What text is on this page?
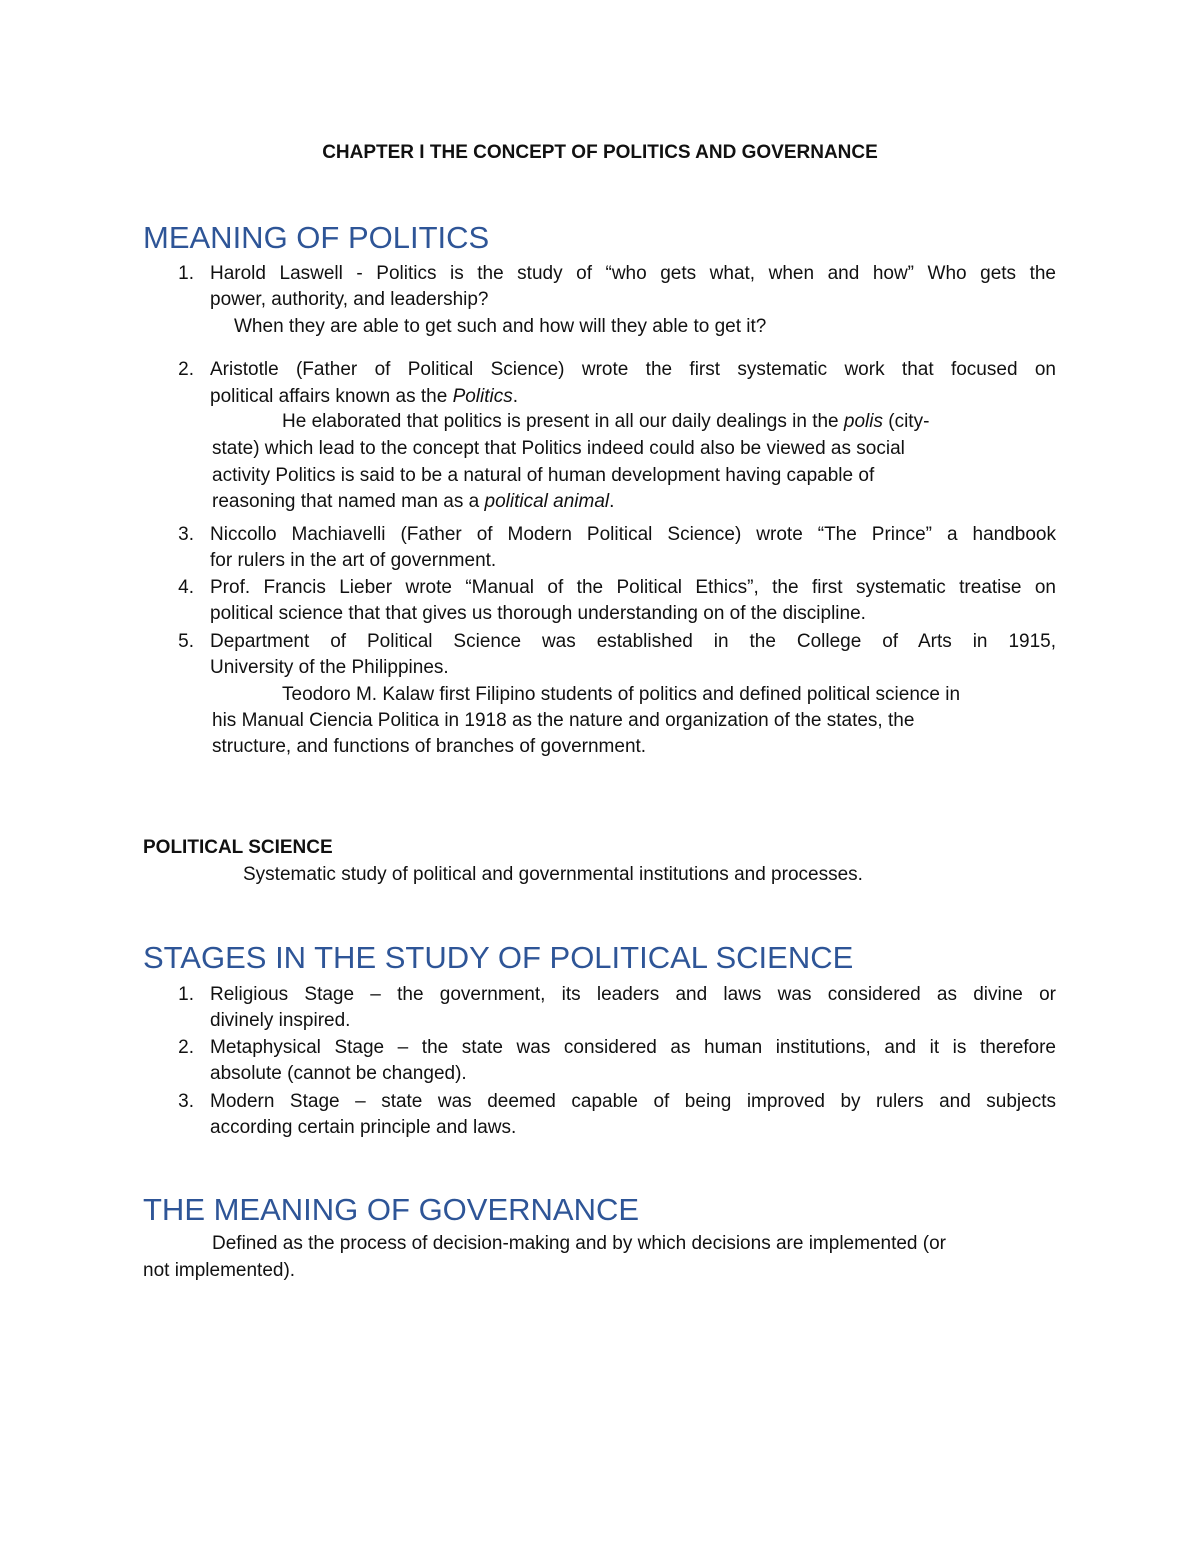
CHAPTER I THE CONCEPT OF POLITICS AND GOVERNANCE
MEANING OF POLITICS
1. Harold Laswell - Politics is the study of “who gets what, when and how” Who gets the
power, authority, and leadership?
When they are able to get such and how will they able to get it?
2. Aristotle (Father of Political Science) wrote the first systematic work that focused on
political affairs known as the Politics.
He elaborated that politics is present in all our daily dealings in the polis (city-
state) which lead to the concept that Politics indeed could also be viewed as social
activity Politics is said to be a natural of human development having capable of
reasoning that named man as a political animal.
3. Niccollo Machiavelli (Father of Modern Political Science) wrote “The Prince” a handbook
for rulers in the art of government.
4. Prof. Francis Lieber wrote “Manual of the Political Ethics”, the first systematic treatise on
political science that that gives us thorough understanding on of the discipline.
5. Department of Political Science was established in the College of Arts in 1915,
University of the Philippines.
Teodoro M. Kalaw first Filipino students of politics and defined political science in
his Manual Ciencia Politica in 1918 as the nature and organization of the states, the
structure, and functions of branches of government.
POLITICAL SCIENCE
Systematic study of political and governmental institutions and processes.
STAGES IN THE STUDY OF POLITICAL SCIENCE
1. Religious Stage – the government, its leaders and laws was considered as divine or
divinely inspired.
2. Metaphysical Stage – the state was considered as human institutions, and it is therefore
absolute (cannot be changed).
3. Modern Stage – state was deemed capable of being improved by rulers and subjects
according certain principle and laws.
THE MEANING OF GOVERNANCE
Defined as the process of decision-making and by which decisions are implemented (or
not implemented).
